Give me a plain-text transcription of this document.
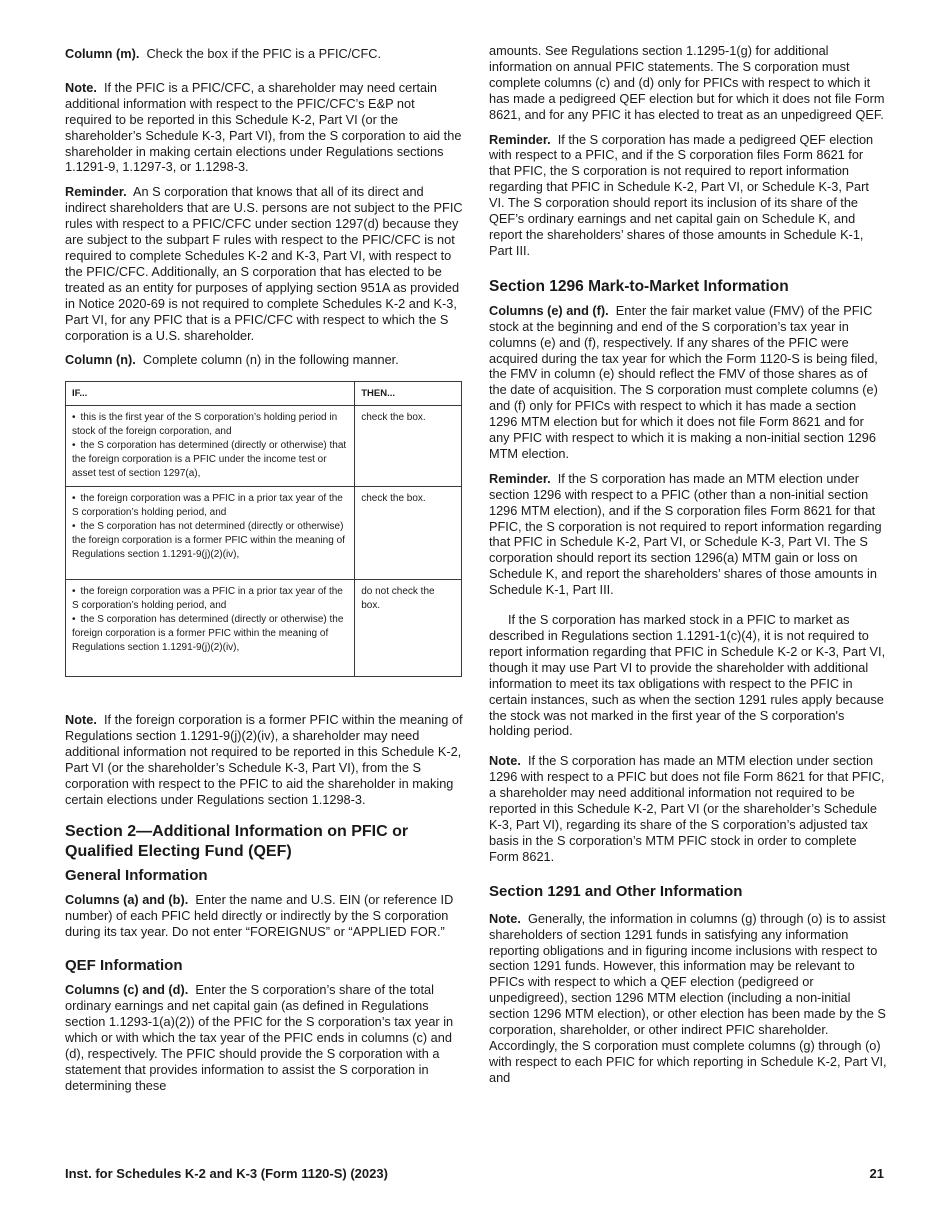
Column (m). Check the box if the PFIC is a PFIC/CFC.

Note. If the PFIC is a PFIC/CFC, a shareholder may need certain additional information with respect to the PFIC/CFC’s E&P not required to be reported in this Schedule K-2, Part VI (or the shareholder’s Schedule K-3, Part VI), from the S corporation to aid the shareholder in making certain elections under Regulations sections 1.1291-9, 1.1297-3, or 1.1298-3.

Reminder. An S corporation that knows that all of its direct and indirect shareholders that are U.S. persons are not subject to the PFIC rules with respect to a PFIC/CFC under section 1297(d) because they are subject to the subpart F rules with respect to the PFIC/CFC is not required to complete Schedules K-2 and K-3, Part VI, with respect to the PFIC/CFC. Additionally, an S corporation that has elected to be treated as an entity for purposes of applying section 951A as provided in Notice 2020-69 is not required to complete Schedules K-2 and K-3, Part VI, for any PFIC that is a PFIC/CFC with respect to which the S corporation is a U.S. shareholder.

Column (n). Complete column (n) in the following manner.

IF...	THEN...

• this is the first year of the S corporation’s holding period in stock of the foreign corporation, and
• the S corporation has determined (directly or otherwise) that the foreign corporation is a PFIC under the income test or asset test of section 1297(a),	check the box.

• the foreign corporation was a PFIC in a prior tax year of the S corporation’s holding period, and
• the S corporation has not determined (directly or otherwise) the foreign corporation is a former PFIC within the meaning of Regulations section 1.1291-9(j)(2)(iv),	check the box.

• the foreign corporation was a PFIC in a prior tax year of the S corporation’s holding period, and
• the S corporation has determined (directly or otherwise) the foreign corporation is a former PFIC within the meaning of Regulations section 1.1291-9(j)(2)(iv),	do not check the box.

Note. If the foreign corporation is a former PFIC within the meaning of Regulations section 1.1291-9(j)(2)(iv), a shareholder may need additional information not required to be reported in this Schedule K-2, Part VI (or the shareholder’s Schedule K-3, Part VI), from the S corporation with respect to the PFIC to aid the shareholder in making certain elections under Regulations section 1.1298-3.

Section 2—Additional Information on PFIC or Qualified Electing Fund (QEF)
General Information

Columns (a) and (b). Enter the name and U.S. EIN (or reference ID number) of each PFIC held directly or indirectly by the S corporation during its tax year. Do not enter “FOREIGNUS” or “APPLIED FOR.”

QEF Information

Columns (c) and (d). Enter the S corporation’s share of the total ordinary earnings and net capital gain (as defined in Regulations section 1.1293-1(a)(2)) of the PFIC for the S corporation’s tax year in which or with which the tax year of the PFIC ends in columns (c) and (d), respectively. The PFIC should provide the S corporation with a statement that provides information to assist the S corporation in determining these

amounts. See Regulations section 1.1295-1(g) for additional information on annual PFIC statements. The S corporation must complete columns (c) and (d) only for PFICs with respect to which it has made a pedigreed QEF election but for which it does not file Form 8621, and for any PFIC it has elected to treat as an unpedigreed QEF.

Reminder. If the S corporation has made a pedigreed QEF election with respect to a PFIC, and if the S corporation files Form 8621 for that PFIC, the S corporation is not required to report information regarding that PFIC in Schedule K-2, Part VI, or Schedule K-3, Part VI. The S corporation should report its inclusion of its share of the QEF’s ordinary earnings and net capital gain on Schedule K, and report the shareholders’ shares of those amounts in Schedule K-1, Part III.

Section 1296 Mark-to-Market Information

Columns (e) and (f). Enter the fair market value (FMV) of the PFIC stock at the beginning and end of the S corporation’s tax year in columns (e) and (f), respectively. If any shares of the PFIC were acquired during the tax year for which the Form 1120-S is being filed, the FMV in column (e) should reflect the FMV of those shares as of the date of acquisition. The S corporation must complete columns (e) and (f) only for PFICs with respect to which it has made a section 1296 MTM election but for which it does not file Form 8621 and for any PFIC with respect to which it is making a non-initial section 1296 MTM election.

Reminder. If the S corporation has made an MTM election under section 1296 with respect to a PFIC (other than a non-initial section 1296 MTM election), and if the S corporation files Form 8621 for that PFIC, the S corporation is not required to report information regarding that PFIC in Schedule K-2, Part VI, or Schedule K-3, Part VI. The S corporation should report its section 1296(a) MTM gain or loss on Schedule K, and report the shareholders’ shares of those amounts in Schedule K-1, Part III.

If the S corporation has marked stock in a PFIC to market as described in Regulations section 1.1291-1(c)(4), it is not required to report information regarding that PFIC in Schedule K-2 or K-3, Part VI, though it may use Part VI to provide the shareholder with additional information to meet its tax obligations with respect to the PFIC in certain instances, such as when the section 1291 rules apply because the stock was not marked in the first year of the S corporation's holding period.

Note. If the S corporation has made an MTM election under section 1296 with respect to a PFIC but does not file Form 8621 for that PFIC, a shareholder may need additional information not required to be reported in this Schedule K-2, Part VI (or the shareholder’s Schedule K-3, Part VI), regarding its share of the S corporation’s adjusted tax basis in the S corporation’s MTM PFIC stock in order to complete Form 8621.

Section 1291 and Other Information

Note. Generally, the information in columns (g) through (o) is to assist shareholders of section 1291 funds in satisfying any information reporting obligations and in figuring income inclusions with respect to section 1291 funds. However, this information may be relevant to PFICs with respect to which a QEF election (pedigreed or unpedigreed), section 1296 MTM election (including a non-initial section 1296 MTM election), or other election has been made by the S corporation, shareholder, or other indirect PFIC shareholder. Accordingly, the S corporation must complete columns (g) through (o) with respect to each PFIC for which reporting in Schedule K-2, Part VI, and

Inst. for Schedules K-2 and K-3 (Form 1120-S) (2023)	21
